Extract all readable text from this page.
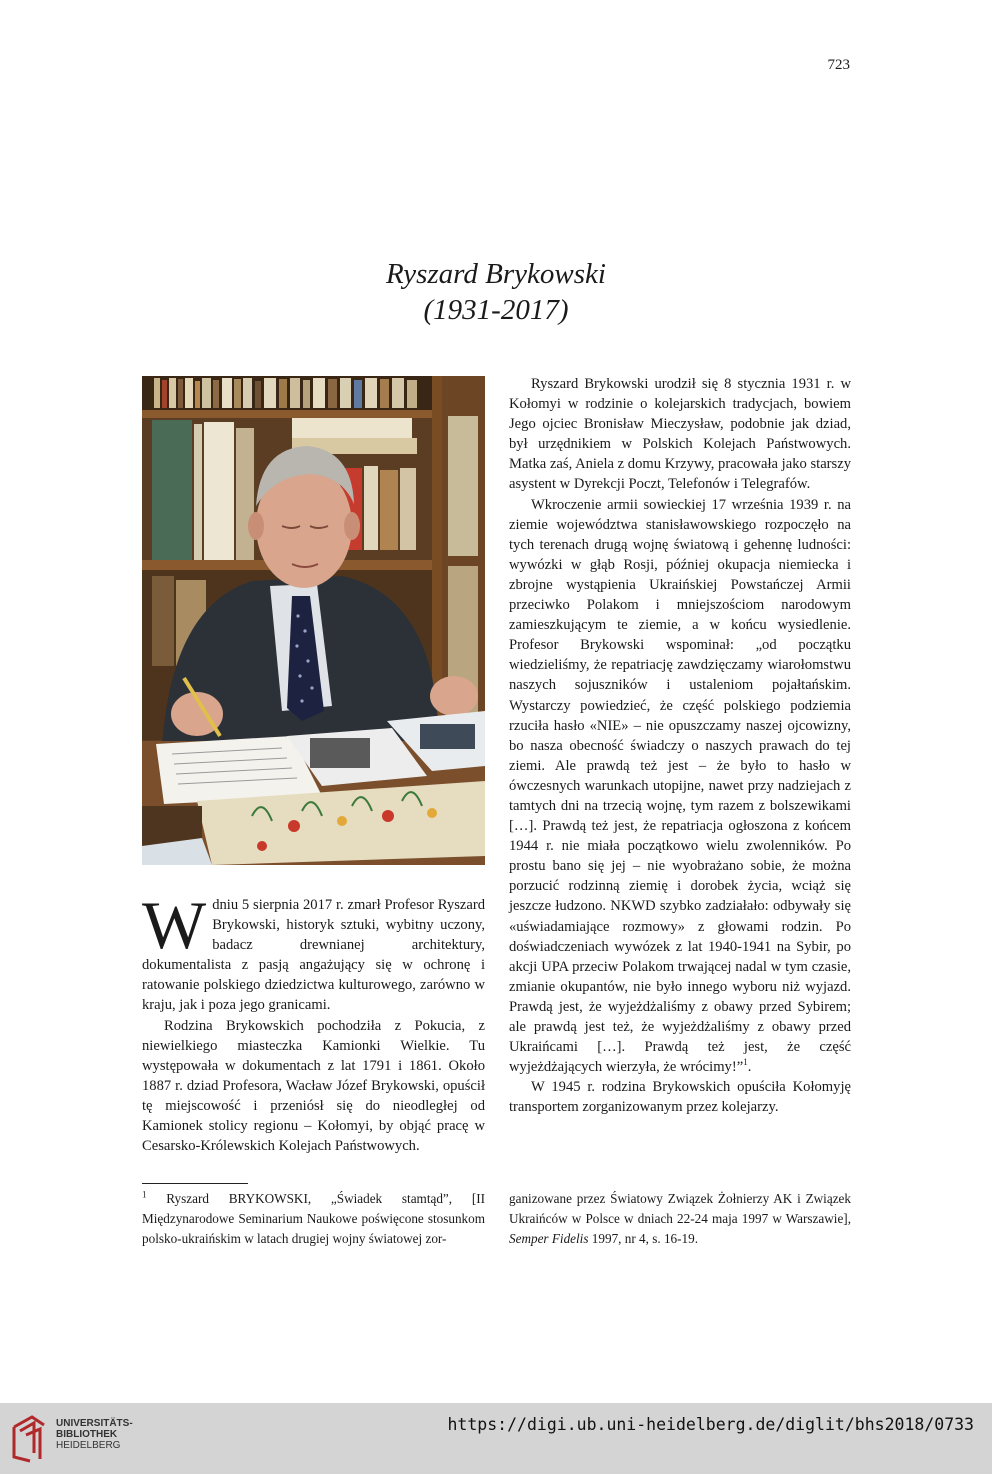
723
Ryszard Brykowski
(1931-2017)

Ryszard Brykowski urodził się 8 stycznia 1931 r. w Kołomyi w rodzinie o kolejarskich tradycjach, bowiem Jego ojciec Bronisław Mieczysław, podobnie jak dziad, był urzędnikiem w Polskich Kolejach Państwowych. Matka zaś, Aniela z domu Krzywy, pracowała jako starszy asystent w Dyrekcji Poczt, Telefonów i Telegrafów.

Wkroczenie armii sowieckiej 17 września 1939 r. na ziemie województwa stanisławowskiego rozpoczęło na tych terenach drugą wojnę światową i gehennę ludności: wywózki w głąb Rosji, później okupacja niemiecka i zbrojne wystąpienia Ukraińskiej Powstańczej Armii przeciwko Polakom i mniejszościom narodowym zamieszkującym te ziemie, a w końcu wysiedlenie. Profesor Brykowski wspominał: „od początku wiedzieliśmy, że repatriację zawdzięczamy wiarołomstwu naszych sojuszników i ustaleniom pojałtańskim. Wystarczy powiedzieć, że część polskiego podziemia rzuciła hasło «NIE» – nie opuszczamy naszej ojcowizny, bo nasza obecność świadczy o naszych prawach do tej ziemi. Ale prawdą też jest – że było to hasło w ówczesnych warunkach utopijne, nawet przy nadziejach z tamtych dni na trzecią wojnę, tym razem z bolszewikami […]. Prawdą też jest, że repatriacja ogłoszona z końcem 1944 r. nie miała początkowo wielu zwolenników. Po prostu bano się jej – nie wyobrażano sobie, że można porzucić rodzinną ziemię i dorobek życia, wciąż się jeszcze łudzono. NKWD szybko zadziałało: odbywały się «uświadamiające rozmowy» z głowami rodzin. Po doświadczeniach wywózek z lat 1940-1941 na Sybir, po akcji UPA przeciw Polakom trwającej nadal w tym czasie, zmianie okupantów, nie było innego wyboru niż wyjazd. Prawdą jest, że wyjeżdżaliśmy z obawy przed Sybirem; ale prawdą jest też, że wyjeżdżaliśmy z obawy przed Ukraińcami […]. Prawdą też jest, że część wyjeżdżających wierzyła, że wrócimy!”$^1$.

W 1945 r. rodzina Brykowskich opuściła Kołomyję transportem zorganizowanym przez kolejarzy.

Wdniu 5 sierpnia 2017 r. zmarł Profesor Ryszard Brykowski, historyk sztuki, wybitny uczony, badacz drewnianej architektury, dokumentalista z pasją angażujący się w ochronę i ratowanie polskiego dziedzictwa kulturowego, zarówno w kraju, jak i poza jego granicami.

Rodzina Brykowskich pochodziła z Pokucia, z niewielkiego miasteczka Kamionki Wielkie. Tu występowała w dokumentach z lat 1791 i 1861. Około 1887 r. dziad Profesora, Wacław Józef Brykowski, opuścił tę miejscowość i przeniósł się do nieodległej od Kamionek stolicy regionu – Kołomyi, by objąć pracę w Cesarsko-Królewskich Kolejach Państwowych.

$^1$ Ryszard BRYKOWSKI, „Świadek stamtąd”, [II Międzynarodowe Seminarium Naukowe poświęcone stosunkom polsko-ukraińskim w latach drugiej wojny światowej zor-
ganizowane przez Światowy Związek Żołnierzy AK i Związek Ukraińców w Polsce w dniach 22-24 maja 1997 w Warszawie], Semper Fidelis 1997, nr 4, s. 16-19.
UNIVERSITÄTS-
BIBLIOTHEK
HEIDELBERG
https://digi.ub.uni-heidelberg.de/diglit/bhs2018/0733
